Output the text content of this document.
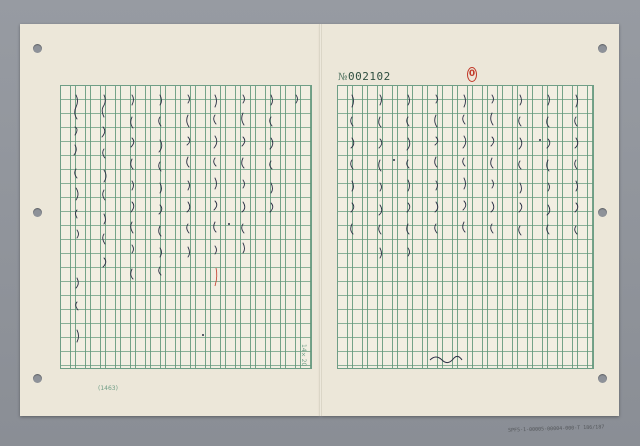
№002102	0
(1463)
14×20
SPF5-1-00005-00004-000-T 186/187
